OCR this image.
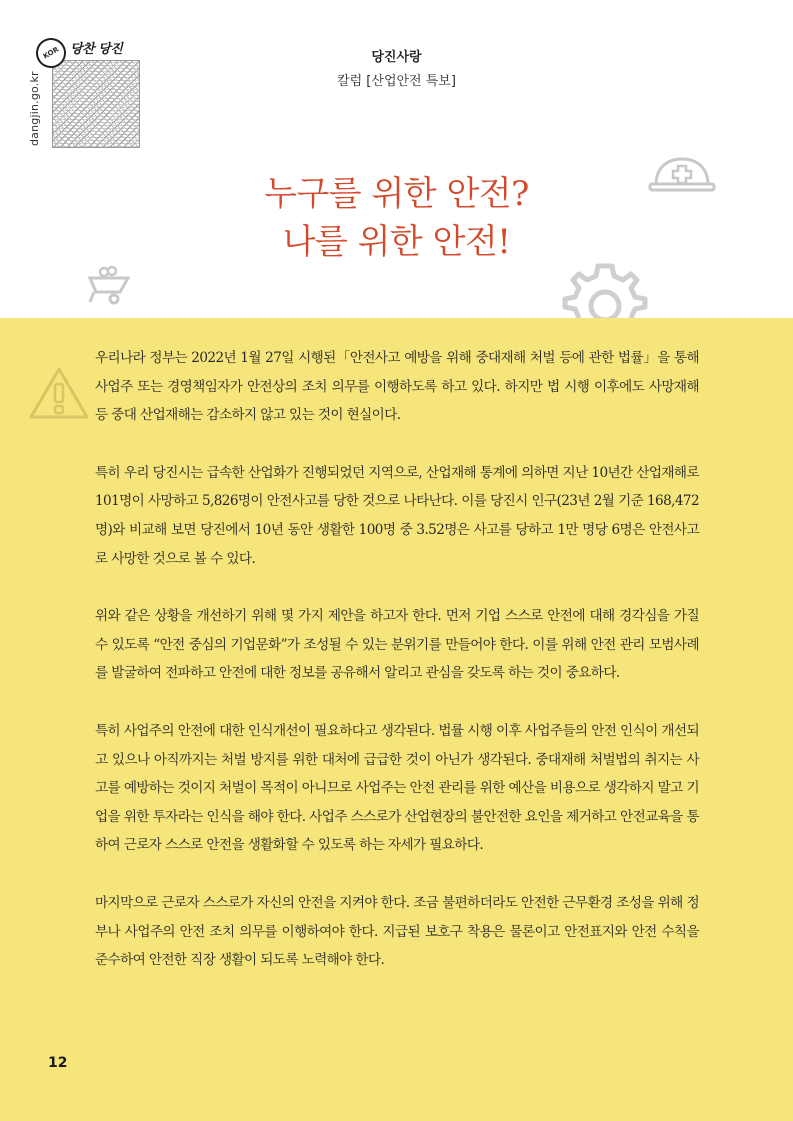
KOR 당찬 당진
dangjin.go.kr
당진사랑
칼럼 [산업안전 특보]
누구를 위한 안전?
나를 위한 안전!

우리나라 정부는 2022년 1월 27일 시행된「안전사고 예방을 위해 중대재해 처벌 등에 관한 법률」을 통해 사업주 또는 경영책임자가 안전상의 조치 의무를 이행하도록 하고 있다. 하지만 법 시행 이후에도 사망재해 등 중대 산업재해는 감소하지 않고 있는 것이 현실이다.

특히 우리 당진시는 급속한 산업화가 진행되었던 지역으로, 산업재해 통계에 의하면 지난 10년간 산업재해로 101명이 사망하고 5,826명이 안전사고를 당한 것으로 나타난다. 이를 당진시 인구(23년 2월 기준 168,472명)와 비교해 보면 당진에서 10년 동안 생활한 100명 중 3.52명은 사고를 당하고 1만 명당 6명은 안전사고로 사망한 것으로 볼 수 있다.

위와 같은 상황을 개선하기 위해 몇 가지 제안을 하고자 한다. 먼저 기업 스스로 안전에 대해 경각심을 가질 수 있도록 “안전 중심의 기업문화”가 조성될 수 있는 분위기를 만들어야 한다. 이를 위해 안전 관리 모범사례를 발굴하여 전파하고 안전에 대한 정보를 공유해서 알리고 관심을 갖도록 하는 것이 중요하다.

특히 사업주의 안전에 대한 인식개선이 필요하다고 생각된다. 법률 시행 이후 사업주들의 안전 인식이 개선되고 있으나 아직까지는 처벌 방지를 위한 대처에 급급한 것이 아닌가 생각된다. 중대재해 처벌법의 취지는 사고를 예방하는 것이지 처벌이 목적이 아니므로 사업주는 안전 관리를 위한 예산을 비용으로 생각하지 말고 기업을 위한 투자라는 인식을 해야 한다. 사업주 스스로가 산업현장의 불안전한 요인을 제거하고 안전교육을 통하여 근로자 스스로 안전을 생활화할 수 있도록 하는 자세가 필요하다.

마지막으로 근로자 스스로가 자신의 안전을 지켜야 한다. 조금 불편하더라도 안전한 근무환경 조성을 위해 정부나 사업주의 안전 조치 의무를 이행하여야 한다. 지급된 보호구 착용은 물론이고 안전표지와 안전 수칙을 준수하여 안전한 직장 생활이 되도록 노력해야 한다.

12
